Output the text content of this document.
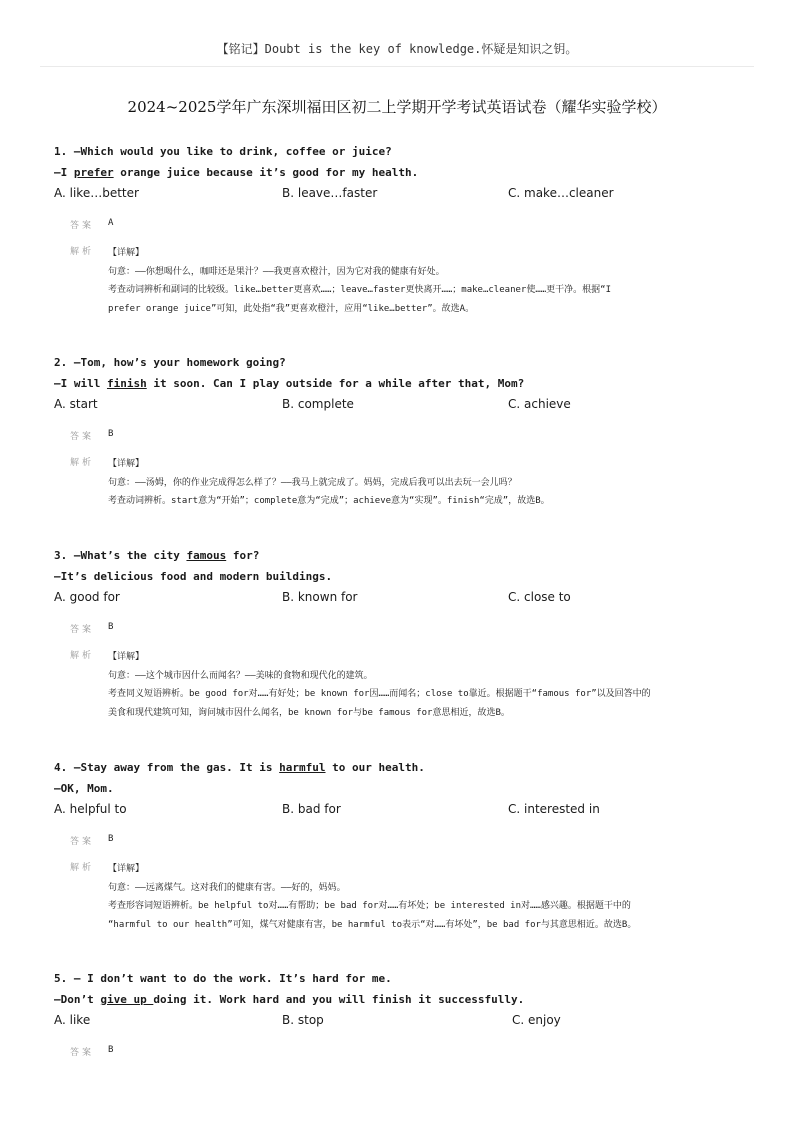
【铭记】Doubt is the key of knowledge.怀疑是知识之钥。
2024~2025学年广东深圳福田区初二上学期开学考试英语试卷（耀华实验学校）
1. —Which would you like to drink, coffee or juice?
—I prefer orange juice because it’s good for my health.
A. like…better	B. leave…faster	C. make…cleaner
答案 A
解析 【详解】
句意：——你想喝什么，咖啡还是果汁？——我更喜欢橙汁，因为它对我的健康有好处。
考查动词辨析和副词的比较级。like…better更喜欢……；leave…faster更快离开……；make…cleaner使……更干净。根据“I
prefer orange juice”可知，此处指“我”更喜欢橙汁，应用“like…better”。故选A。
2. —Tom, how’s your homework going?
—I will finish it soon. Can I play outside for a while after that, Mom?
A. start	B. complete	C. achieve
答案 B
解析 【详解】
句意：——汤姆，你的作业完成得怎么样了？——我马上就完成了。妈妈，完成后我可以出去玩一会儿吗？
考查动词辨析。start意为“开始”；complete意为“完成”；achieve意为“实现”。finish“完成”，故选B。
3. —What’s the city famous for?
—It’s delicious food and modern buildings.
A. good for	B. known for	C. close to
答案 B
解析 【详解】
句意：——这个城市因什么而闻名？——美味的食物和现代化的建筑。
考查同义短语辨析。be good for对……有好处；be known for因……而闻名；close to靠近。根据题干“famous for”以及回答中的
美食和现代建筑可知，询问城市因什么闻名，be known for与be famous for意思相近，故选B。
4. —Stay away from the gas. It is harmful to our health.
—OK, Mom.
A. helpful to	B. bad for	C. interested in
答案 B
解析 【详解】
句意：——远离煤气。这对我们的健康有害。——好的，妈妈。
考查形容词短语辨析。be helpful to对……有帮助；be bad for对……有坏处；be interested in对……感兴趣。根据题干中的
“harmful to our health”可知，煤气对健康有害，be harmful to表示“对……有坏处”，be bad for与其意思相近。故选B。
5. — I don’t want to do the work. It’s hard for me.
—Don’t give up doing it. Work hard and you will finish it successfully.
A. like	B. stop	C. enjoy
答案 B
